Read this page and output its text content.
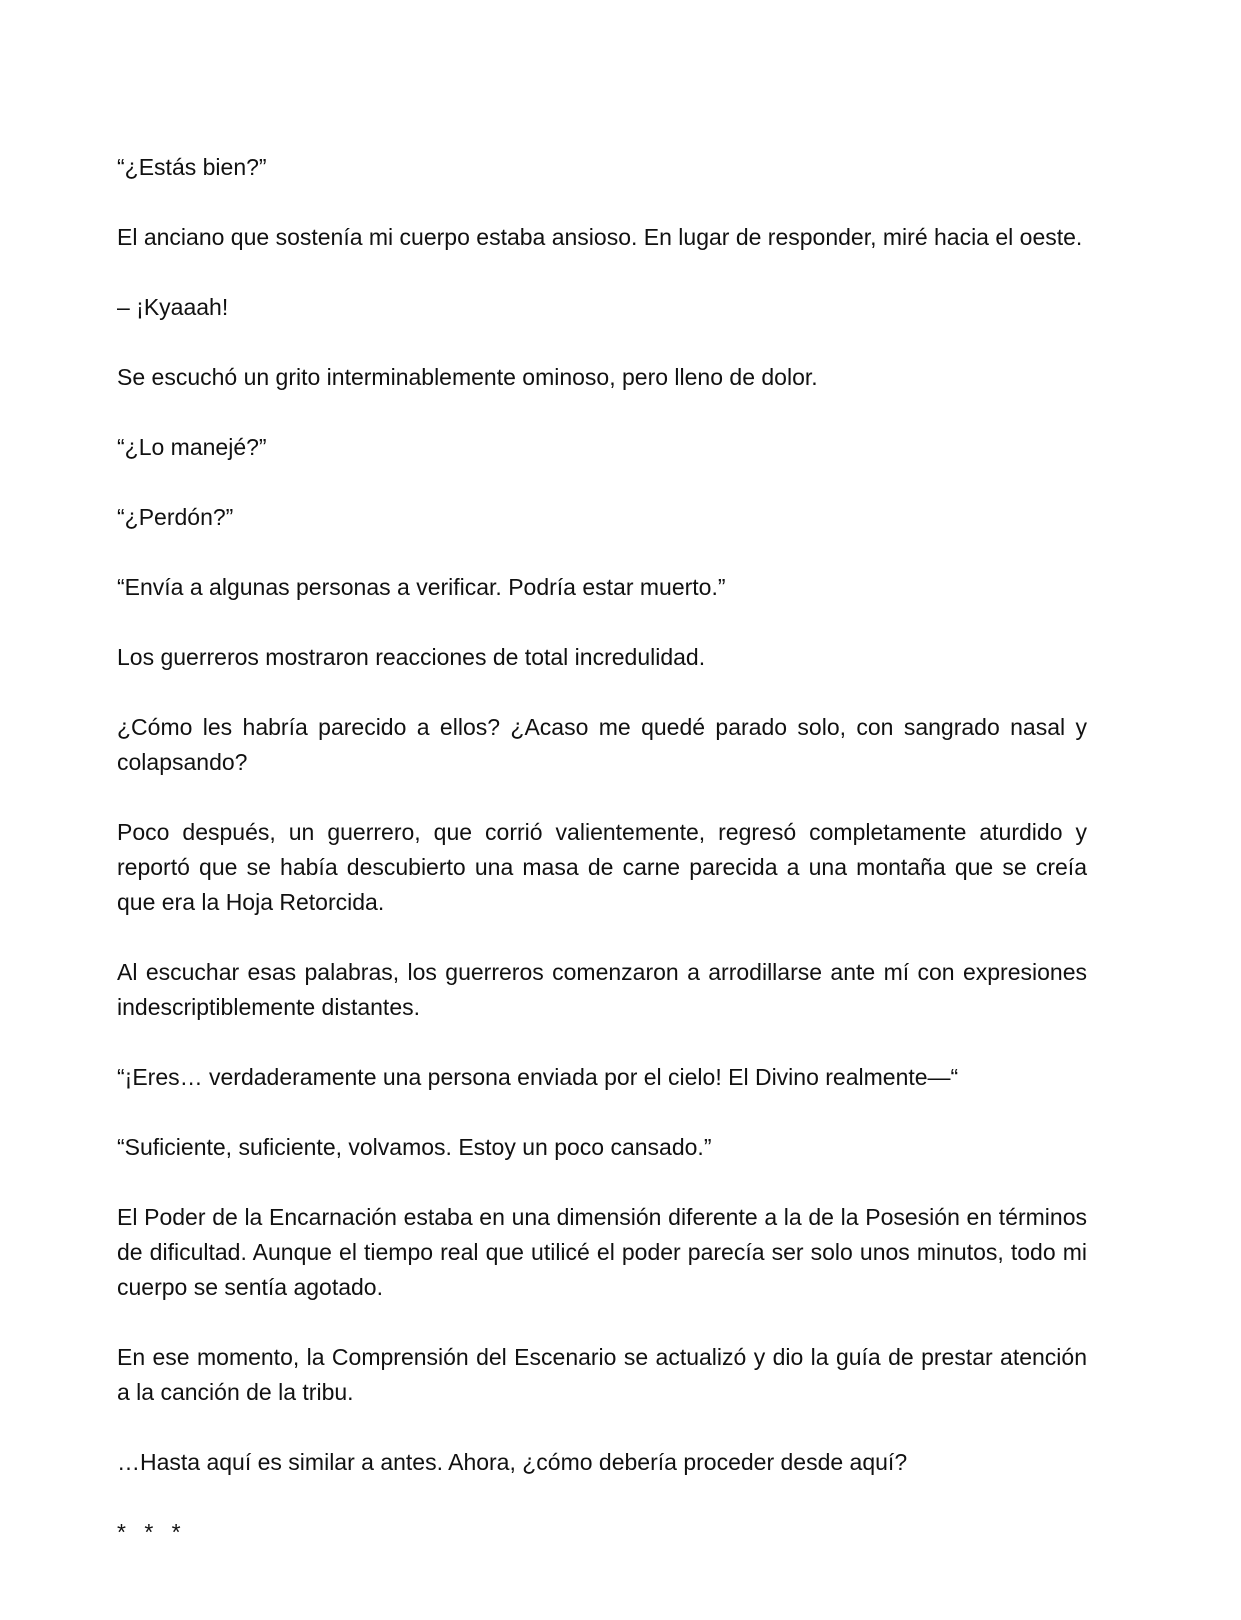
“¿Estás bien?”

El anciano que sostenía mi cuerpo estaba ansioso. En lugar de responder, miré hacia el oeste.

– ¡Kyaaah!

Se escuchó un grito interminablemente ominoso, pero lleno de dolor.

“¿Lo manejé?”

“¿Perdón?”

“Envía a algunas personas a verificar. Podría estar muerto.”

Los guerreros mostraron reacciones de total incredulidad.

¿Cómo les habría parecido a ellos? ¿Acaso me quedé parado solo, con sangrado nasal y colapsando?

Poco después, un guerrero, que corrió valientemente, regresó completamente aturdido y reportó que se había descubierto una masa de carne parecida a una montaña que se creía que era la Hoja Retorcida.

Al escuchar esas palabras, los guerreros comenzaron a arrodillarse ante mí con expresiones indescriptiblemente distantes.

“¡Eres… verdaderamente una persona enviada por el cielo! El Divino realmente—“

“Suficiente, suficiente, volvamos. Estoy un poco cansado.”

El Poder de la Encarnación estaba en una dimensión diferente a la de la Posesión en términos de dificultad. Aunque el tiempo real que utilicé el poder parecía ser solo unos minutos, todo mi cuerpo se sentía agotado.

En ese momento, la Comprensión del Escenario se actualizó y dio la guía de prestar atención a la canción de la tribu.

…Hasta aquí es similar a antes. Ahora, ¿cómo debería proceder desde aquí?

* * *
